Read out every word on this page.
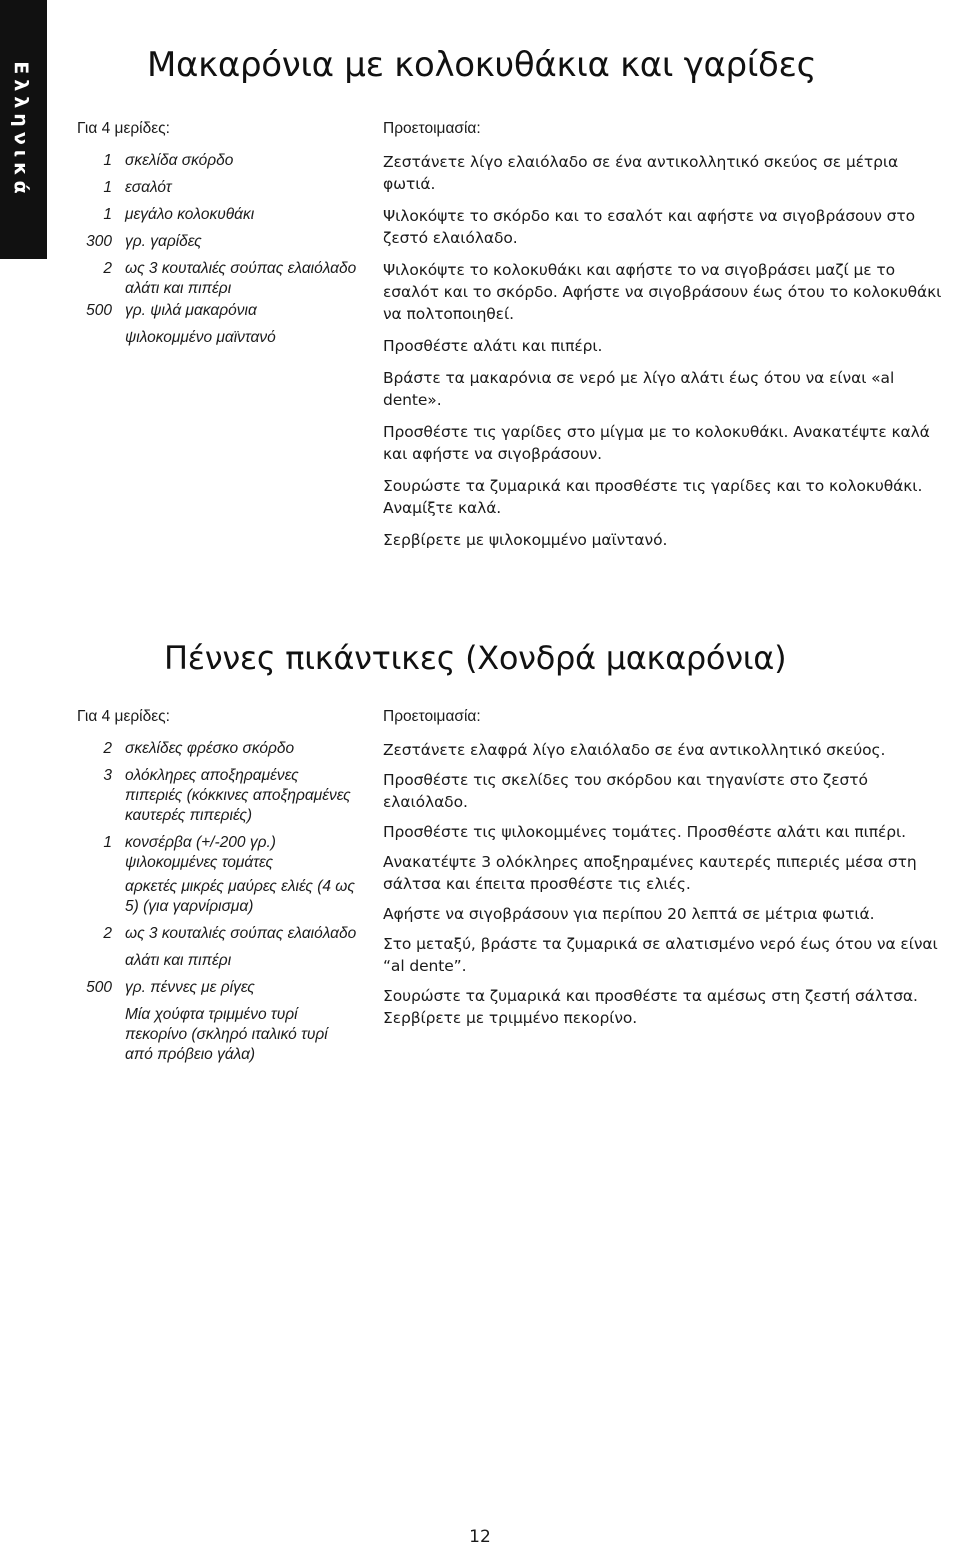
Ελληνικά	Μακαρόνια με κολοκυθάκια και γαρίδες
Για 4 μερίδες:
1 σκελίδα σκόρδο
1 εσαλότ
1 μεγάλο κολοκυθάκι
300 γρ. γαρίδες
2 ως 3 κουταλιές σούπας ελαιόλαδο
αλάτι και πιπέρι
500 γρ. ψιλά μακαρόνια
ψιλοκομμένο μαϊντανό
Προετοιμασία:

Ζεστάνετε λίγο ελαιόλαδο σε ένα αντικολλητικό σκεύος σε μέτρια φωτιά.

Ψιλοκόψτε το σκόρδο και το εσαλότ και αφήστε να σιγοβράσουν στο ζεστό ελαιόλαδο.

Ψιλοκόψτε το κολοκυθάκι και αφήστε το να σιγοβράσει μαζί με το εσαλότ και το σκόρδο. Αφήστε να σιγοβράσουν έως ότου το κολοκυθάκι να πολτοποιηθεί.

Προσθέστε αλάτι και πιπέρι.

Βράστε τα μακαρόνια σε νερό με λίγο αλάτι έως ότου να είναι «al dente».

Προσθέστε τις γαρίδες στο μίγμα με το κολοκυθάκι. Ανακατέψτε καλά και αφήστε να σιγοβράσουν.

Σουρώστε τα ζυμαρικά και προσθέστε τις γαρίδες και το κολοκυθάκι. Αναμίξτε καλά.

Σερβίρετε με ψιλοκομμένο μαϊντανό.

Πέννες πικάντικες (Χονδρά μακαρόνια)
Για 4 μερίδες:
2 σκελίδες φρέσκο σκόρδο
3 ολόκληρες αποξηραμένες πιπεριές (κόκκινες αποξηραμένες καυτερές πιπεριές)
1 κονσέρβα (+/-200 γρ.) ψιλοκομμένες τομάτες
αρκετές μικρές μαύρες ελιές (4 ως 5) (για γαρνίρισμα)
2 ως 3 κουταλιές σούπας ελαιόλαδο
αλάτι και πιπέρι
500 γρ. πέννες με ρίγες
Μία χούφτα τριμμένο τυρί πεκορίνο (σκληρό ιταλικό τυρί από πρόβειο γάλα)
Προετοιμασία:

Ζεστάνετε ελαφρά λίγο ελαιόλαδο σε ένα αντικολλητικό σκεύος.

Προσθέστε τις σκελίδες του σκόρδου και τηγανίστε στο ζεστό ελαιόλαδο.

Προσθέστε τις ψιλοκομμένες τομάτες. Προσθέστε αλάτι και πιπέρι.

Ανακατέψτε 3 ολόκληρες αποξηραμένες καυτερές πιπεριές μέσα στη σάλτσα και έπειτα προσθέστε τις ελιές.

Αφήστε να σιγοβράσουν για περίπου 20 λεπτά σε μέτρια φωτιά.

Στο μεταξύ, βράστε τα ζυμαρικά σε αλατισμένο νερό έως ότου να είναι “al dente”.

Σουρώστε τα ζυμαρικά και προσθέστε τα αμέσως στη ζεστή σάλτσα. Σερβίρετε με τριμμένο πεκορίνο.

12
